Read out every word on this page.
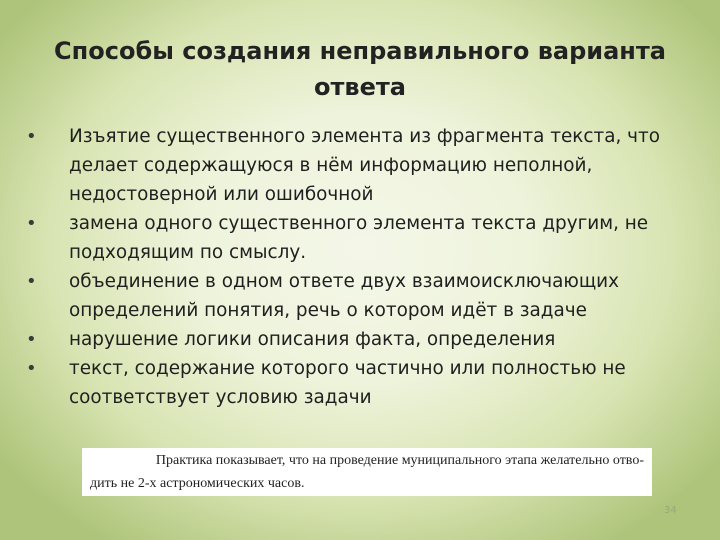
Способы создания неправильного варианта ответа
•	Изъятие существенного элемента из фрагмента текста, что делает содержащуюся в нём информацию неполной, недостоверной или ошибочной
•	замена одного существенного элемента текста другим, не подходящим по смыслу.
•	объединение в одном ответе двух взаимоисключающих определений понятия, речь о котором идёт в задаче
•	нарушение логики описания факта, определения
•	текст, содержание которого частично или полностью не соответствует условию задачи
Практика показывает, что на проведение муниципального этапа желательно отво-
дить не 2-х астрономических часов.
34
